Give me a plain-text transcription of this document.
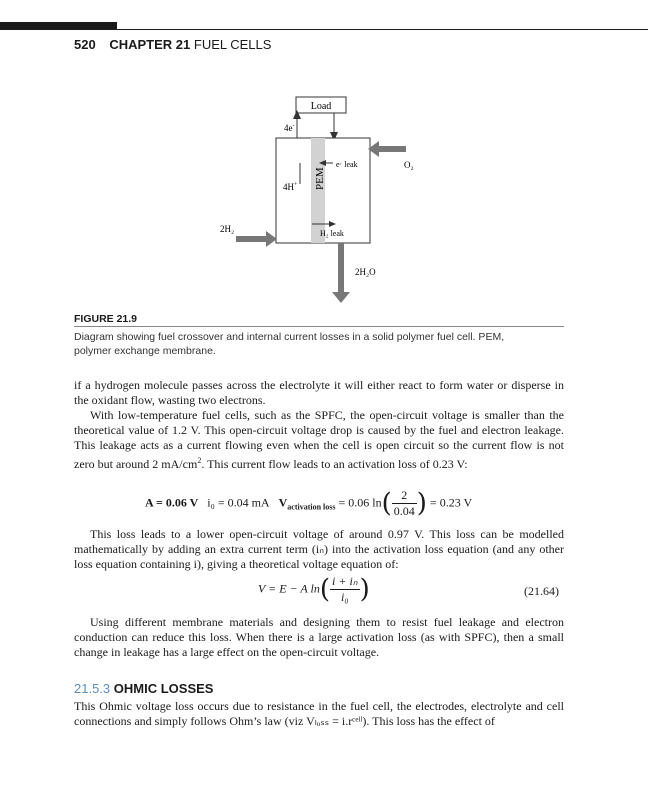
520 CHAPTER 21 FUEL CELLS
Load
4e-
PEM
4H+
e· leak
H₂ leak
2H₂
O₂
2H₂O
FIGURE 21.9
Diagram showing fuel crossover and internal current losses in a solid polymer fuel cell. PEM, polymer exchange membrane.
if a hydrogen molecule passes across the electrolyte it will either react to form water or disperse in the oxidant flow, wasting two electrons.
With low-temperature fuel cells, such as the SPFC, the open-circuit voltage is smaller than the theoretical value of 1.2 V. This open-circuit voltage drop is caused by the fuel and electron leakage. This leakage acts as a current flowing even when the cell is open circuit so the current flow is not zero but around 2 $mA/cm^2$. This current flow leads to an activation loss of 0.23 V:
A = 0.06 V i₀ = 0.04 mA $V_{activation loss} = 0.06$ $\ln( \frac{2}{0.04}$ ) = 0.23 V
This loss leads to a lower open-circuit voltage of around 0.97 V. This loss can be modelled mathematically by adding an extra current term (iₙ) into the activation loss equation (and any other loss equation containing i), giving a theoretical voltage equation of:
V = E − A $\ln( \frac{\text{i + iₙ}}{\text{i₀}}$ )	(21.64)
Using different membrane materials and designing them to resist fuel leakage and electron conduction can reduce this loss. When there is a large activation loss (as with SPFC), then a small change in leakage has a large effect on the open-circuit voltage.
21.5.3 OHMIC LOSSES
This Ohmic voltage loss occurs due to resistance in the fuel cell, the electrodes, electrolyte and cell connections and simply follows Ohm’s law (viz Vₗₒₛₛ = i.rᶜᵉˡˡ). This loss has the effect of
